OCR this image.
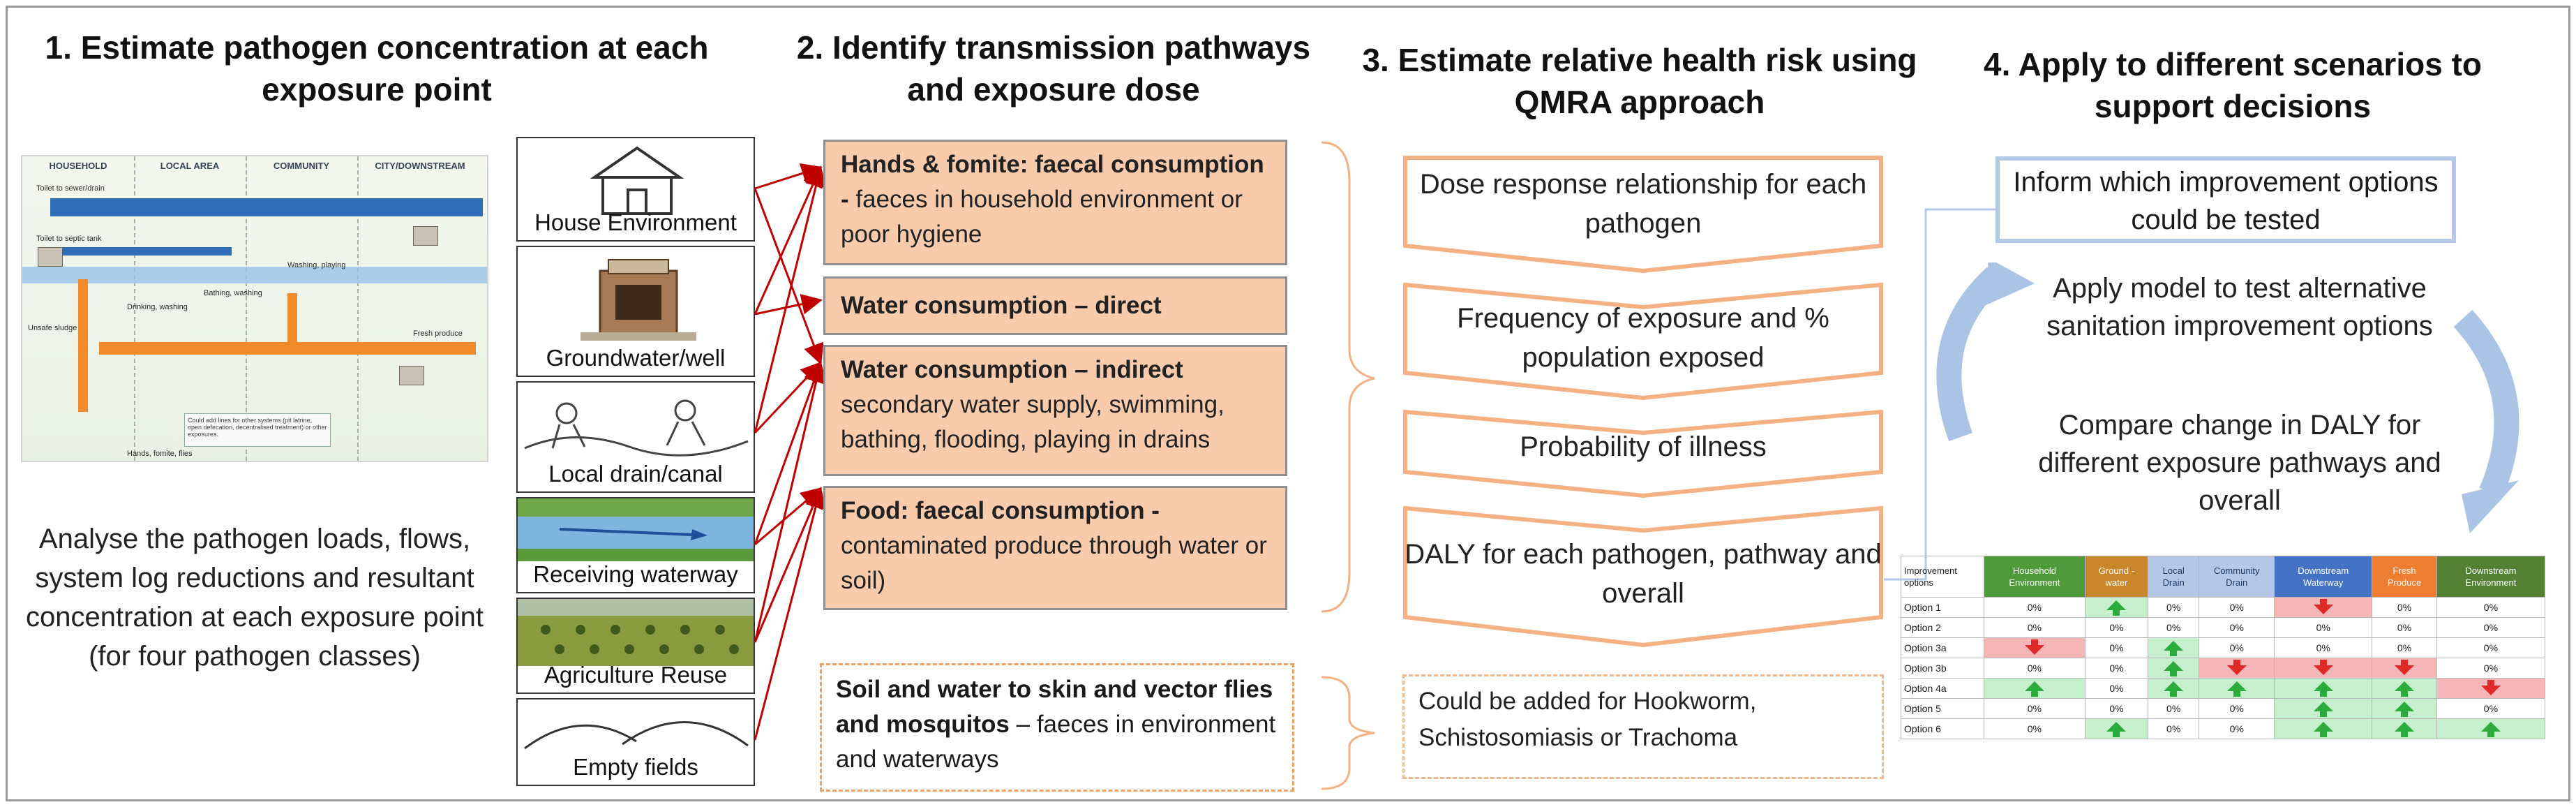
1. Estimate pathogen concentration at each exposure point
2. Identify transmission pathways and exposure dose
3. Estimate relative health risk using QMRA approach
4. Apply to different scenarios to support decisions
HOUSEHOLD	LOCAL AREA	COMMUNITY	CITY/DOWNSTREAM
Toilet to sewer/drain
Toilet to septic tank
Unsafe sludge
Drinking, washing
Bathing, washing
Washing, playing
Fresh produce
Hands, fomite, flies
Could add lines for other systems (pit latrine, open defecation, decentralised treatment) or other exposures.
Analyse the pathogen loads, flows, system log reductions and resultant concentration at each exposure point (for four pathogen classes)
House Environment
Groundwater/well
Local drain/canal
Receiving waterway
Agriculture Reuse
Empty fields
Hands & fomite: faecal consumption - faeces in household environment or poor hygiene
Water consumption – direct
Water consumption – indirect secondary water supply, swimming, bathing, flooding, playing in drains
Food: faecal consumption - contaminated produce through water or soil)
Soil and water to skin and vector flies and mosquitos – faeces in environment and waterways
Dose response relationship for each pathogen
Frequency of exposure and % population exposed
Probability of illness
DALY for each pathogen, pathway and overall
Could be added for Hookworm, Schistosomiasis or Trachoma
Inform which improvement options could be tested
Apply model to test alternative sanitation improvement options
Compare change in DALY for different exposure pathways and overall
Improvement options	Household Environment	Ground -water	Local Drain	Community Drain	Downstream Waterway	Fresh Produce	Downstream Environment
Option 1	0%		0%	0%		0%	0%
Option 2	0%	0%	0%	0%	0%	0%	0%
Option 3a		0%		0%	0%	0%	0%
Option 3b	0%	0%					0%
Option 4a		0%					
Option 5	0%	0%	0%	0%			0%
Option 6	0%		0%	0%			
